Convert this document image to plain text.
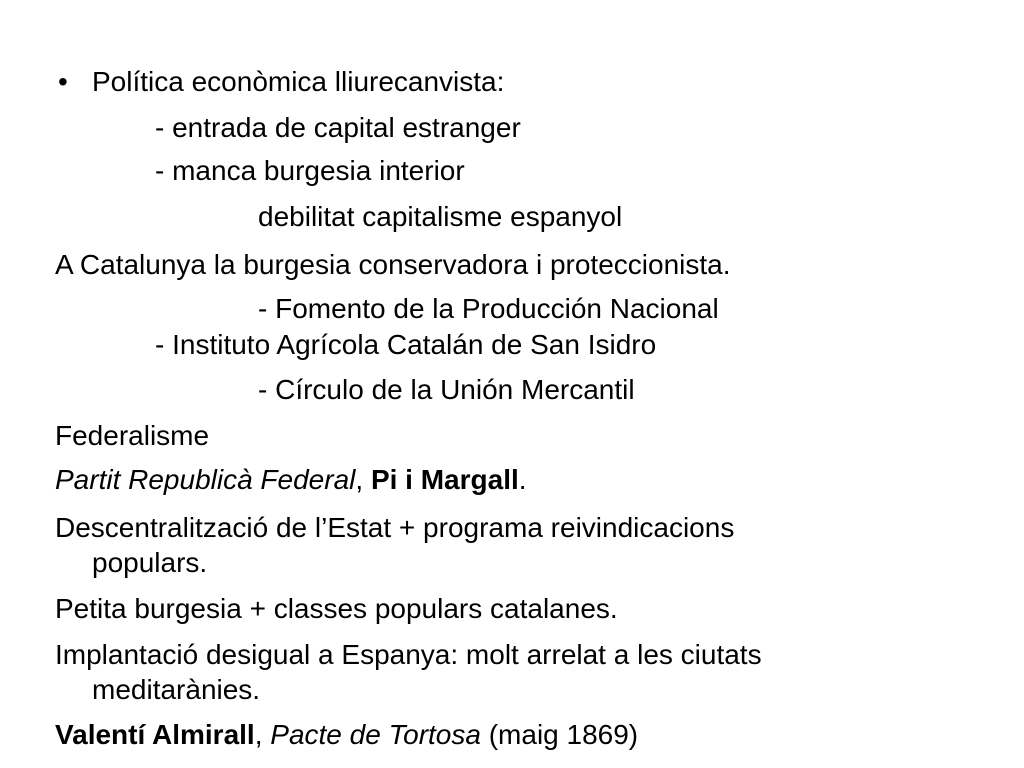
• Política econòmica lliurecanvista:
- entrada de capital estranger
- manca burgesia interior
debilitat capitalisme espanyol
A Catalunya la burgesia conservadora i proteccionista.
- Fomento de la Producción Nacional
- Instituto Agrícola Catalán de San Isidro
- Círculo de la Unión Mercantil
Federalisme
Partit Republicà Federal, Pi i Margall.
Descentralització de l’Estat + programa reivindicacions
populars.
Petita burgesia + classes populars catalanes.
Implantació desigual a Espanya: molt arrelat a les ciutats
meditarànies.
Valentí Almirall, Pacte de Tortosa (maig 1869)
